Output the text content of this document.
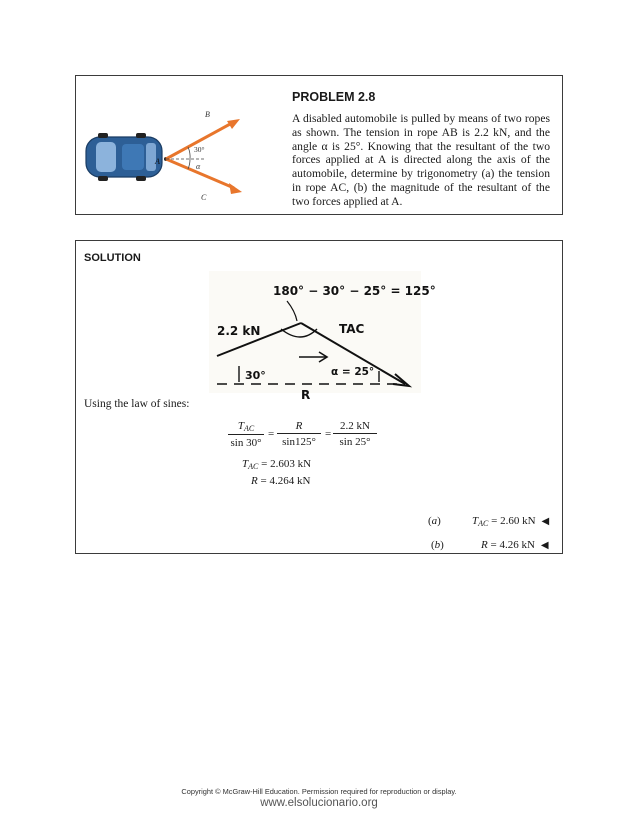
B
C
A
30°
α
PROBLEM 2.8
A disabled automobile is pulled by means of two ropes as shown. The tension in rope AB is 2.2 kN, and the angle α is 25°. Knowing that the resultant of the two forces applied at A is directed along the axis of the automobile, determine by trigonometry (a) the tension in rope AC, (b) the magnitude of the resultant of the two forces applied at A.
SOLUTION
180° − 30° − 25° = 125°
2.2 kN	TAC
30°	α = 25°
R
Using the law of sines:
$T_{AC}$
sin 30°
= $\frac{R}{\sin 125^\circ} = \frac{2.2 kN}{\sin 25^\circ}$
$T_{AC} = 2.603$ kN
R = 4.264 kN
(a)	$T_{AC} = 2.60$ kN ◀
(b)	R = 4.26 kN ◀
Copyright © McGraw-Hill Education. Permission required for reproduction or display.
www.elsolucionario.org
